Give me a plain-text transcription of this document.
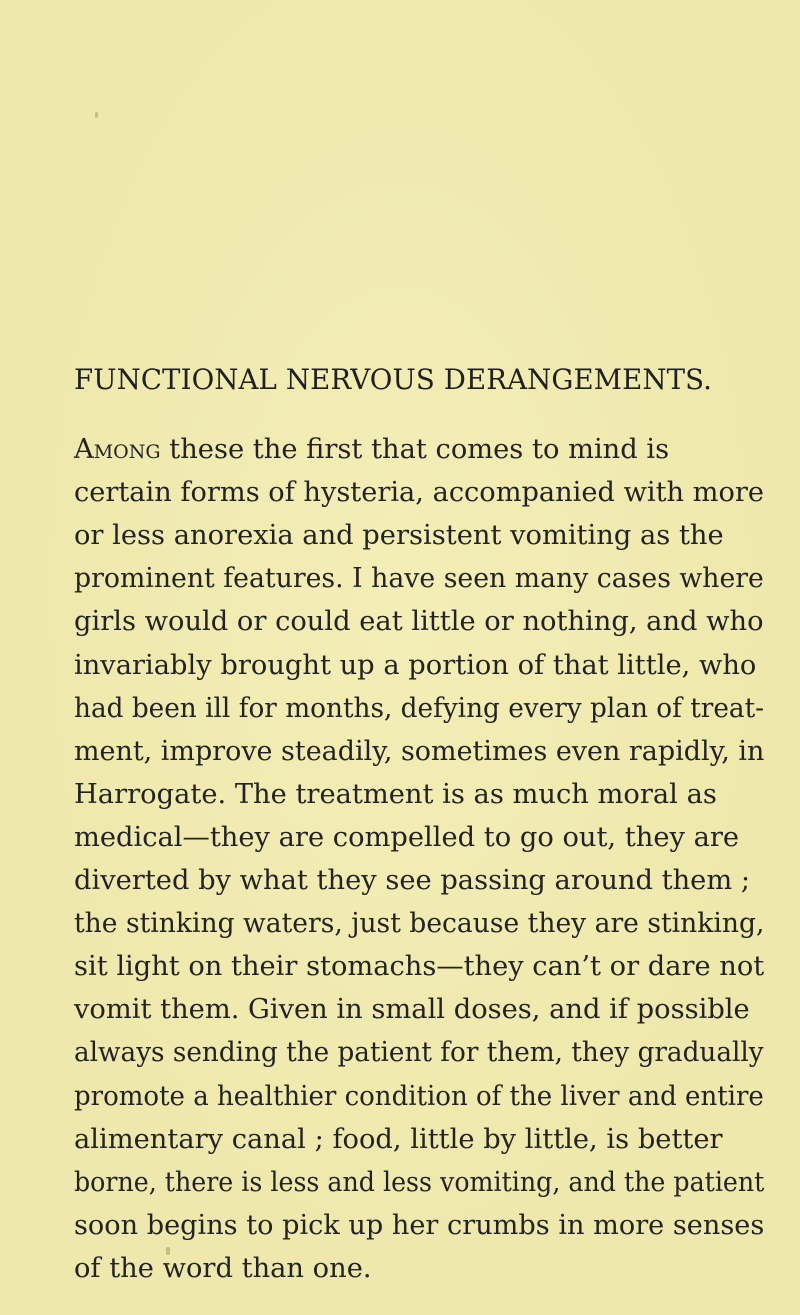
FUNCTIONAL NERVOUS DERANGEMENTS.
Among these the first that comes to mind is
certain forms of hysteria, accompanied with more
or less anorexia and persistent vomiting as the
prominent features. I have seen many cases where
girls would or could eat little or nothing, and who
invariably brought up a portion of that little, who
had been ill for months, defying every plan of treat-
ment, improve steadily, sometimes even rapidly, in
Harrogate. The treatment is as much moral as
medical—they are compelled to go out, they are
diverted by what they see passing around them ;
the stinking waters, just because they are stinking,
sit light on their stomachs—they can’t or dare not
vomit them. Given in small doses, and if possible
always sending the patient for them, they gradually
promote a healthier condition of the liver and entire
alimentary canal ; food, little by little, is better
borne, there is less and less vomiting, and the patient
soon begins to pick up her crumbs in more senses
of the word than one.
